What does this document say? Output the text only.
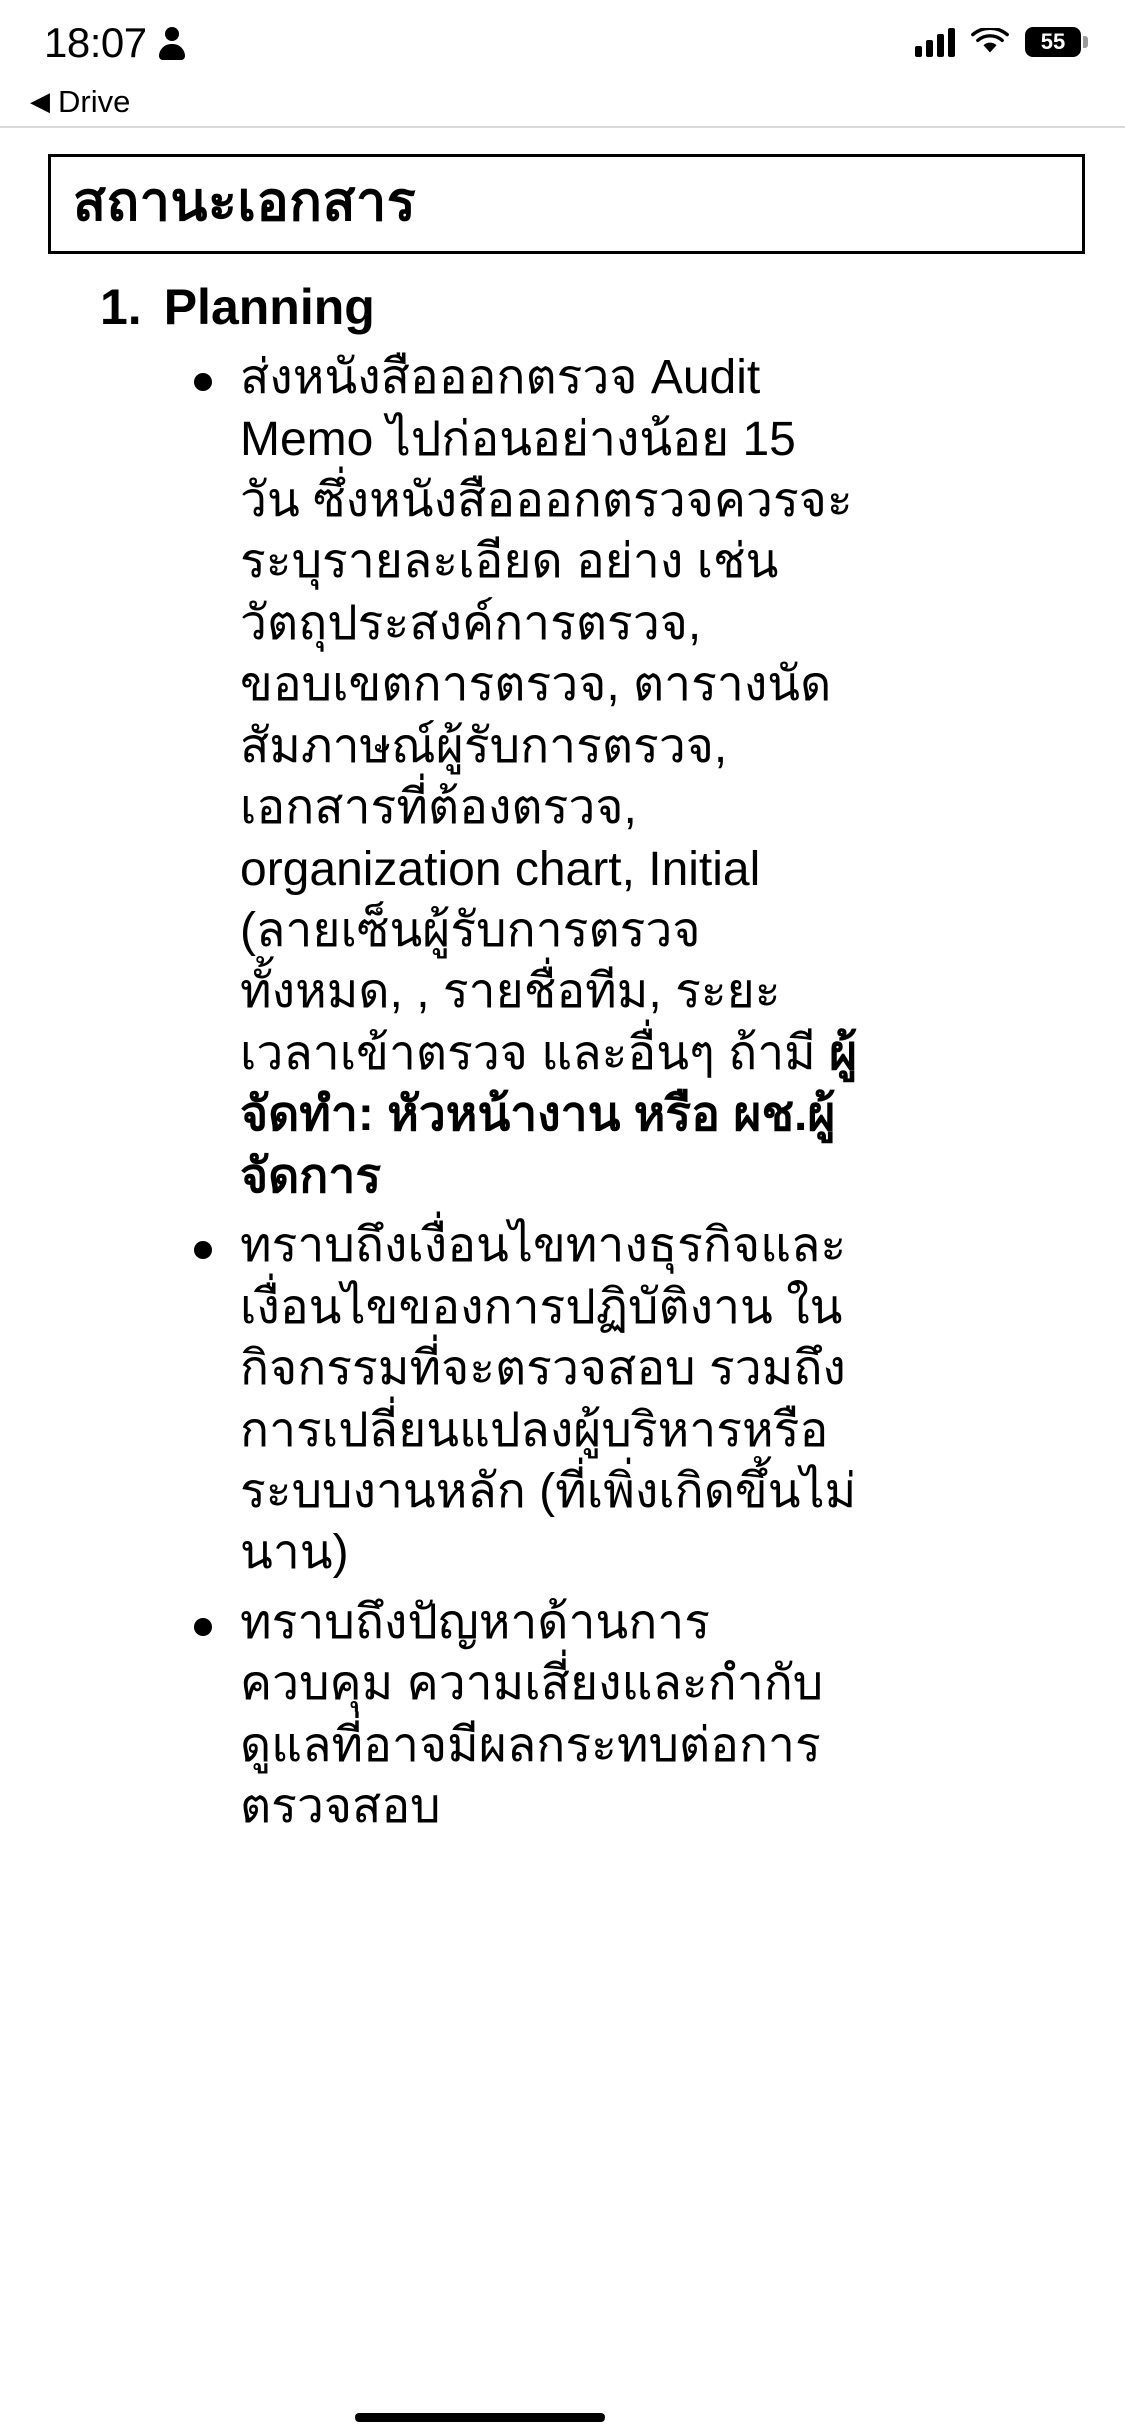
18:07	55
◀ Drive
สถานะเอกสาร
1. Planning
ส่งหนังสือออกตรวจ Audit Memo ไปก่อนอย่างน้อย 15 วัน ซึ่งหนังสือออกตรวจควรจะระบุรายละเอียด อย่าง เช่น วัตถุประสงค์การตรวจ, ขอบเขตการตรวจ, ตารางนัดสัมภาษณ์ผู้รับการตรวจ, เอกสารที่ต้องตรวจ, organization chart, Initial (ลายเซ็นผู้รับการตรวจทั้งหมด, , รายชื่อทีม, ระยะเวลาเข้าตรวจ และอื่นๆ ถ้ามี ผู้จัดทำ: หัวหน้างาน หรือ ผช.ผู้จัดการ
ทราบถึงเงื่อนไขทางธุรกิจและเงื่อนไขของการปฏิบัติงาน ในกิจกรรมที่จะตรวจสอบ รวมถึงการเปลี่ยนแปลงผู้บริหารหรือระบบงานหลัก (ที่เพิ่งเกิดขึ้นไม่นาน)
ทราบถึงปัญหาด้านการควบคุม ความเสี่ยงและกำกับดูแลที่อาจมีผลกระทบต่อการตรวจสอบ
